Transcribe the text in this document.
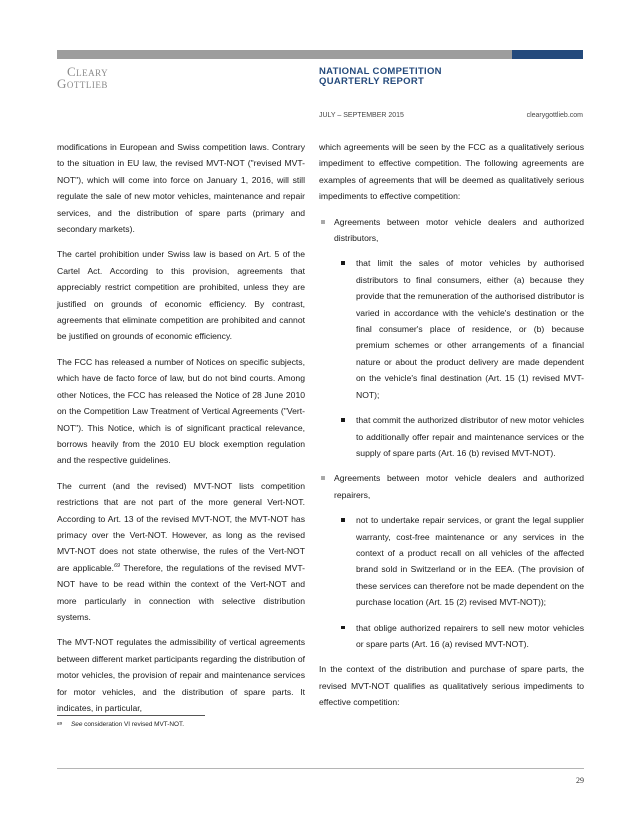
Cleary
Gottlieb
NATIONAL COMPETITION
QUARTERLY REPORT
JULY – SEPTEMBER 2015	clearygottlieb.com

modifications in European and Swiss competition laws. Contrary to the situation in EU law, the revised MVT-NOT ("revised MVT-NOT"), which will come into force on January 1, 2016, will still regulate the sale of new motor vehicles, maintenance and repair services, and the distribution of spare parts (primary and secondary markets).

The cartel prohibition under Swiss law is based on Art. 5 of the Cartel Act. According to this provision, agreements that appreciably restrict competition are prohibited, unless they are justified on grounds of economic efficiency. By contrast, agreements that eliminate competition are prohibited and cannot be justified on grounds of economic efficiency.

The FCC has released a number of Notices on specific subjects, which have de facto force of law, but do not bind courts. Among other Notices, the FCC has released the Notice of 28 June 2010 on the Competition Law Treatment of Vertical Agreements ("Vert-NOT"). This Notice, which is of significant practical relevance, borrows heavily from the 2010 EU block exemption regulation and the respective guidelines.

The current (and the revised) MVT-NOT lists competition restrictions that are not part of the more general Vert-NOT. According to Art. 13 of the revised MVT-NOT, the MVT-NOT has primacy over the Vert-NOT. However, as long as the revised MVT-NOT does not state otherwise, the rules of the Vert-NOT are applicable.$^{69}$ Therefore, the regulations of the revised MVT-NOT have to be read within the context of the Vert-NOT and more particularly in connection with selective distribution systems.

The MVT-NOT regulates the admissibility of vertical agreements between different market participants regarding the distribution of motor vehicles, the provision of repair and maintenance services for motor vehicles, and the distribution of spare parts. It indicates, in particular,

which agreements will be seen by the FCC as a qualitatively serious impediment to effective competition. The following agreements are examples of agreements that will be deemed as qualitatively serious impediments to effective competition:

Agreements between motor vehicle dealers and authorized distributors,
that limit the sales of motor vehicles by authorised distributors to final consumers, either (a) because they provide that the remuneration of the authorised distributor is varied in accordance with the vehicle's destination or the final consumer's place of residence, or (b) because premium schemes or other arrangements of a financial nature or about the product delivery are made dependent on the vehicle's final destination (Art. 15 (1) revised MVT-NOT);
that commit the authorized distributor of new motor vehicles to additionally offer repair and maintenance services or the supply of spare parts (Art. 16 (b) revised MVT-NOT).
Agreements between motor vehicle dealers and authorized repairers,
not to undertake repair services, or grant the legal supplier warranty, cost-free maintenance or any services in the context of a product recall on all vehicles of the affected brand sold in Switzerland or in the EEA. (The provision of these services can therefore not be made dependent on the purchase location (Art. 15 (2) revised MVT-NOT));
that oblige authorized repairers to sell new motor vehicles or spare parts (Art. 16 (a) revised MVT-NOT).

In the context of the distribution and purchase of spare parts, the revised MVT-NOT qualifies as qualitatively serious impediments to effective competition:

$^{69}$ See consideration VI revised MVT-NOT.
29
